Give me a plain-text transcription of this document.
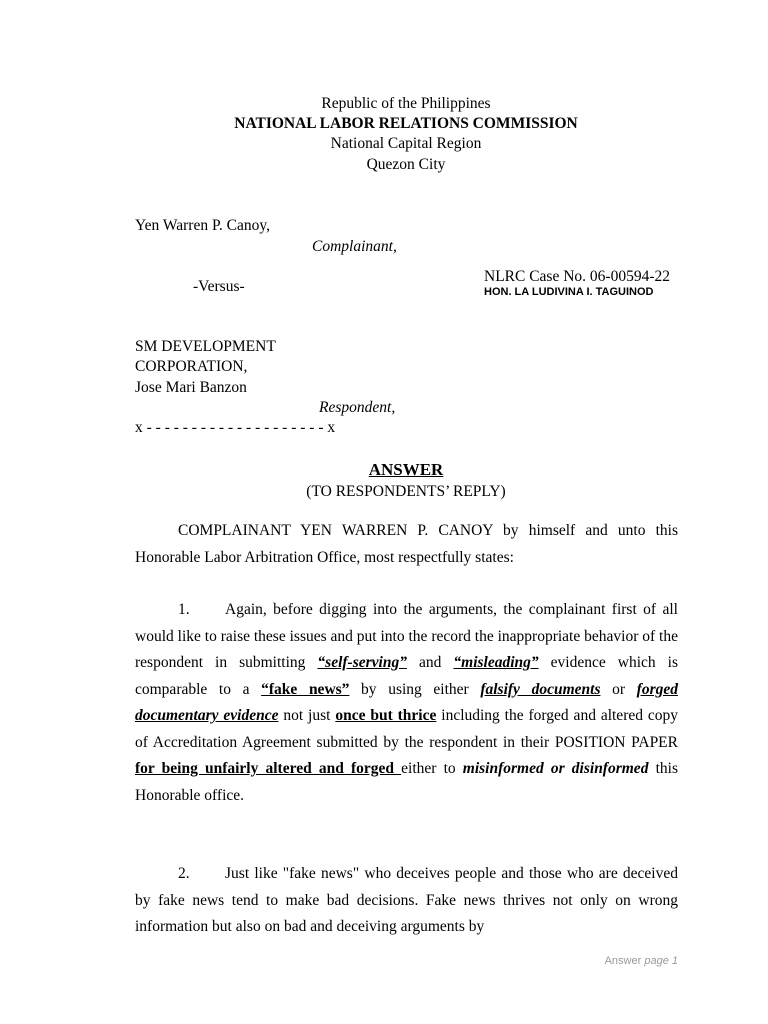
Republic of the Philippines
NATIONAL LABOR RELATIONS COMMISSION
National Capital Region
Quezon City
Yen Warren P. Canoy,
Complainant,
NLRC Case No. 06-00594-22
-Versus-	HON. LA LUDIVINA I. TAGUINOD
SM DEVELOPMENT
CORPORATION,
Jose Mari Banzon
Respondent,
x - - - - - - - - - - - - - - - - - - - - x
ANSWER
(TO RESPONDENTS’ REPLY)
COMPLAINANT YEN WARREN P. CANOY by himself and unto this Honorable Labor Arbitration Office, most respectfully states:
1. Again, before digging into the arguments, the complainant first of all would like to raise these issues and put into the record the inappropriate behavior of the respondent in submitting “self-serving” and “misleading” evidence which is comparable to a “fake news” by using either falsify documents or forged documentary evidence not just once but thrice including the forged and altered copy of Accreditation Agreement submitted by the respondent in their POSITION PAPER for being unfairly altered and forged either to misinformed or disinformed this Honorable office.
2. Just like "fake news" who deceives people and those who are deceived by fake news tend to make bad decisions. Fake news thrives not only on wrong information but also on bad and deceiving arguments by
Answer page 1
